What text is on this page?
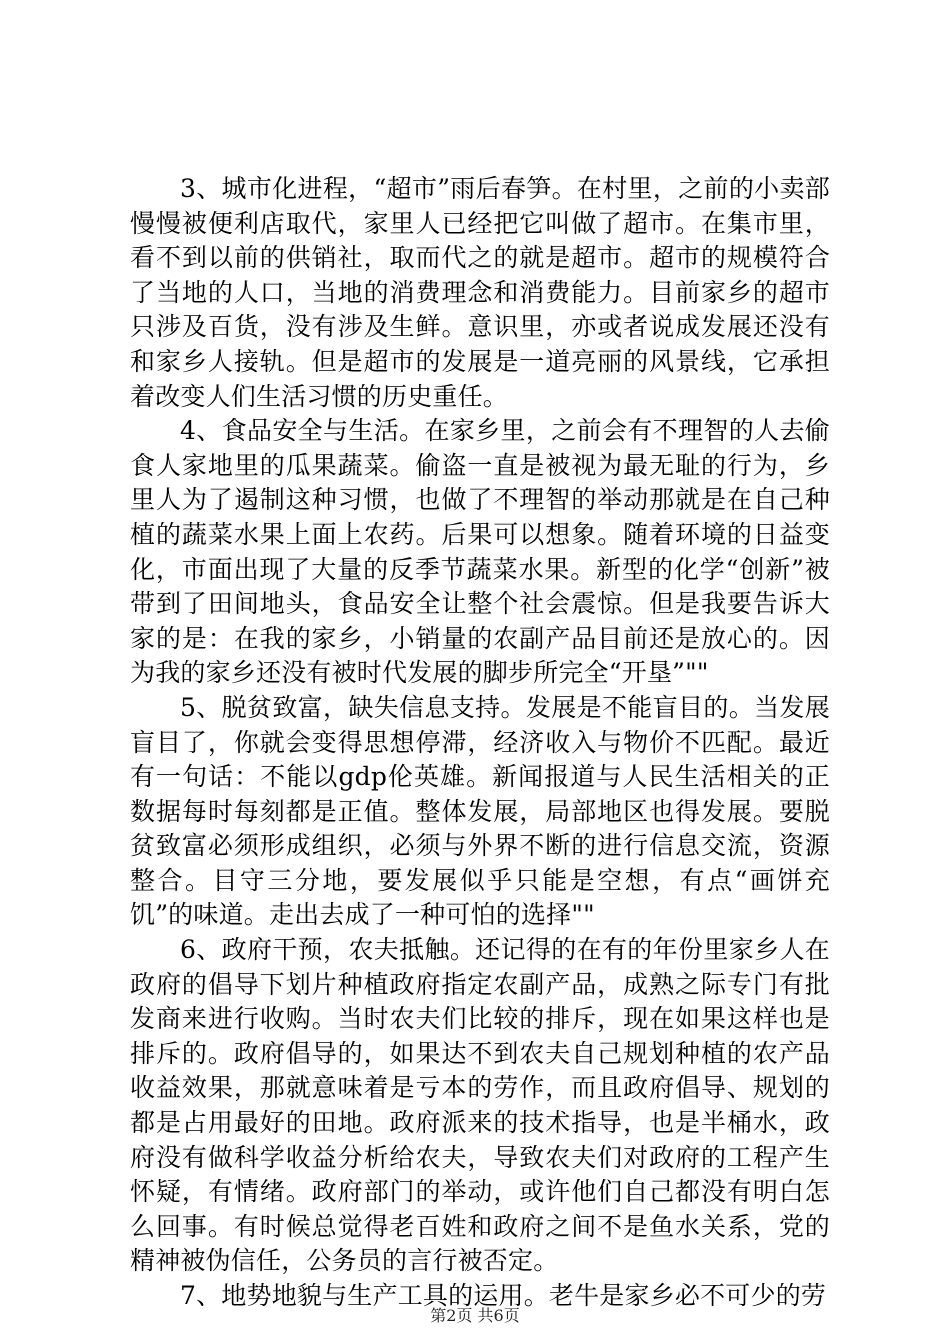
3、城市化进程，“超市”雨后春笋。在村里，之前的小卖部慢慢被便利店取代，家里人已经把它叫做了超市。在集市里，看不到以前的供销社，取而代之的就是超市。超市的规模符合了当地的人口，当地的消费理念和消费能力。目前家乡的超市只涉及百货，没有涉及生鲜。意识里，亦或者说成发展还没有和家乡人接轨。但是超市的发展是一道亮丽的风景线，它承担着改变人们生活习惯的历史重任。

4、食品安全与生活。在家乡里，之前会有不理智的人去偷食人家地里的瓜果蔬菜。偷盗一直是被视为最无耻的行为，乡里人为了遏制这种习惯，也做了不理智的举动那就是在自己种植的蔬菜水果上面上农药。后果可以想象。随着环境的日益变化，市面出现了大量的反季节蔬菜水果。新型的化学“创新”被带到了田间地头，食品安全让整个社会震惊。但是我要告诉大家的是：在我的家乡，小销量的农副产品目前还是放心的。因为我的家乡还没有被时代发展的脚步所完全“开垦”""

5、脱贫致富，缺失信息支持。发展是不能盲目的。当发展盲目了，你就会变得思想停滞，经济收入与物价不匹配。最近有一句话：不能以gdp伦英雄。新闻报道与人民生活相关的正数据每时每刻都是正值。整体发展，局部地区也得发展。要脱贫致富必须形成组织，必须与外界不断的进行信息交流，资源整合。目守三分地，要发展似乎只能是空想，有点“画饼充饥”的味道。走出去成了一种可怕的选择""

6、政府干预，农夫抵触。还记得的在有的年份里家乡人在政府的倡导下划片种植政府指定农副产品，成熟之际专门有批发商来进行收购。当时农夫们比较的排斥，现在如果这样也是排斥的。政府倡导的，如果达不到农夫自己规划种植的农产品收益效果，那就意味着是亏本的劳作，而且政府倡导、规划的都是占用最好的田地。政府派来的技术指导，也是半桶水，政府没有做科学收益分析给农夫，导致农夫们对政府的工程产生怀疑，有情绪。政府部门的举动，或许他们自己都没有明白怎么回事。有时候总觉得老百姓和政府之间不是鱼水关系，党的精神被伪信任，公务员的言行被否定。

7、地势地貌与生产工具的运用。老牛是家乡必不可少的劳

第2页 共6页
